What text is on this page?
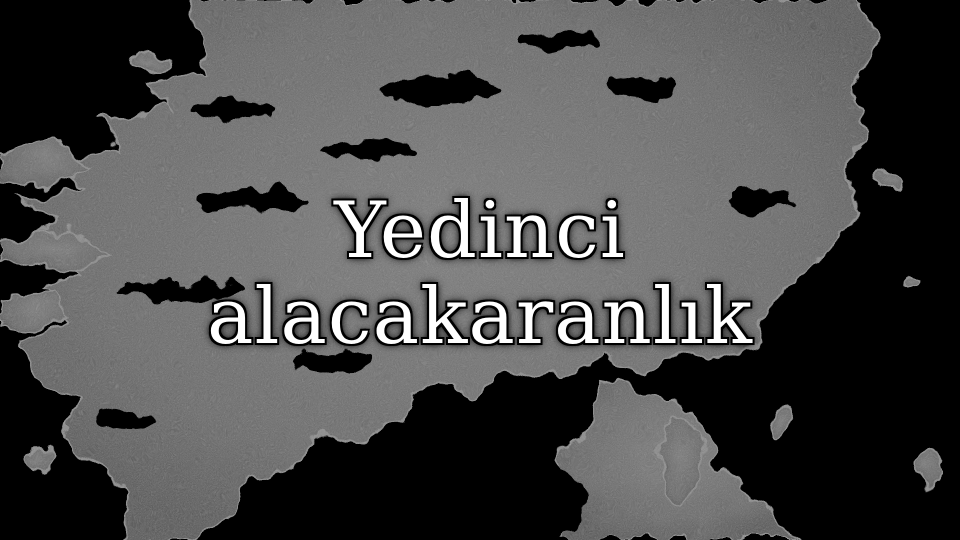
Yedinci
alacakaranlık
